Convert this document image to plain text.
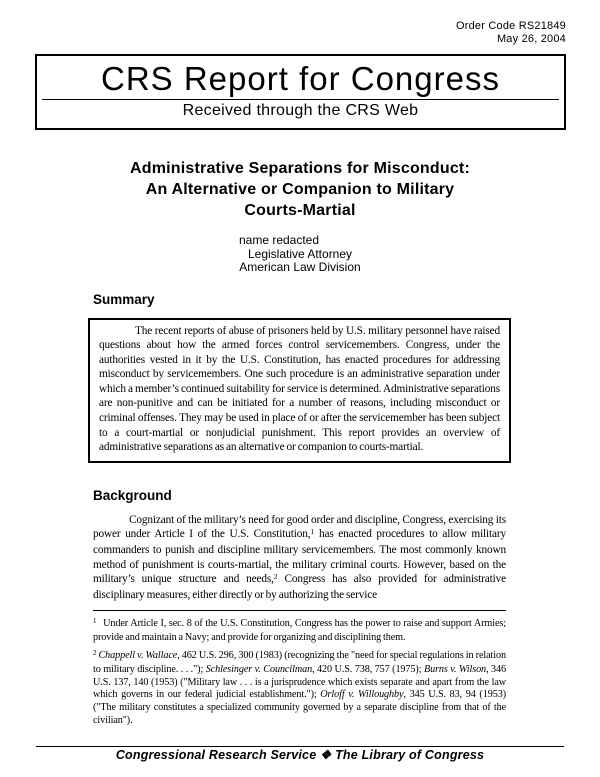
Order Code RS21849
May 26, 2004
CRS Report for Congress
Received through the CRS Web
Administrative Separations for Misconduct:
An Alternative or Companion to Military
Courts-Martial
name redacted
Legislative Attorney
American Law Division
Summary

The recent reports of abuse of prisoners held by U.S. military personnel have raised questions about how the armed forces control servicemembers. Congress, under the authorities vested in it by the U.S. Constitution, has enacted procedures for addressing misconduct by servicemembers. One such procedure is an administrative separation under which a member’s continued suitability for service is determined. Administrative separations are non-punitive and can be initiated for a number of reasons, including misconduct or criminal offenses. They may be used in place of or after the servicemember has been subject to a court-martial or nonjudicial punishment. This report provides an overview of administrative separations as an alternative or companion to courts-martial.

Background

Cognizant of the military’s need for good order and discipline, Congress, exercising its power under Article I of the U.S. Constitution,$^1$ has enacted procedures to allow military commanders to punish and discipline military servicemembers. The most commonly known method of punishment is courts-martial, the military criminal courts. However, based on the military’s unique structure and needs,$^2$ Congress has also provided for administrative disciplinary measures, either directly or by authorizing the service

$^1$ Under Article I, sec. 8 of the U.S. Constitution, Congress has the power to raise and support Armies; provide and maintain a Navy; and provide for organizing and disciplining them.

$^2$ Chappell v. Wallace, 462 U.S. 296, 300 (1983) (recognizing the "need for special regulations in relation to military discipline. . . ."); Schlesinger v. Councilman, 420 U.S. 738, 757 (1975); Burns v. Wilson, 346 U.S. 137, 140 (1953) ("Military law . . . is a jurisprudence which exists separate and apart from the law which governs in our federal judicial establishment."); Orloff v. Willoughby, 345 U.S. 83, 94 (1953) ("The military constitutes a specialized community governed by a separate discipline from that of the civilian").

Congressional Research Service ❖ The Library of Congress
